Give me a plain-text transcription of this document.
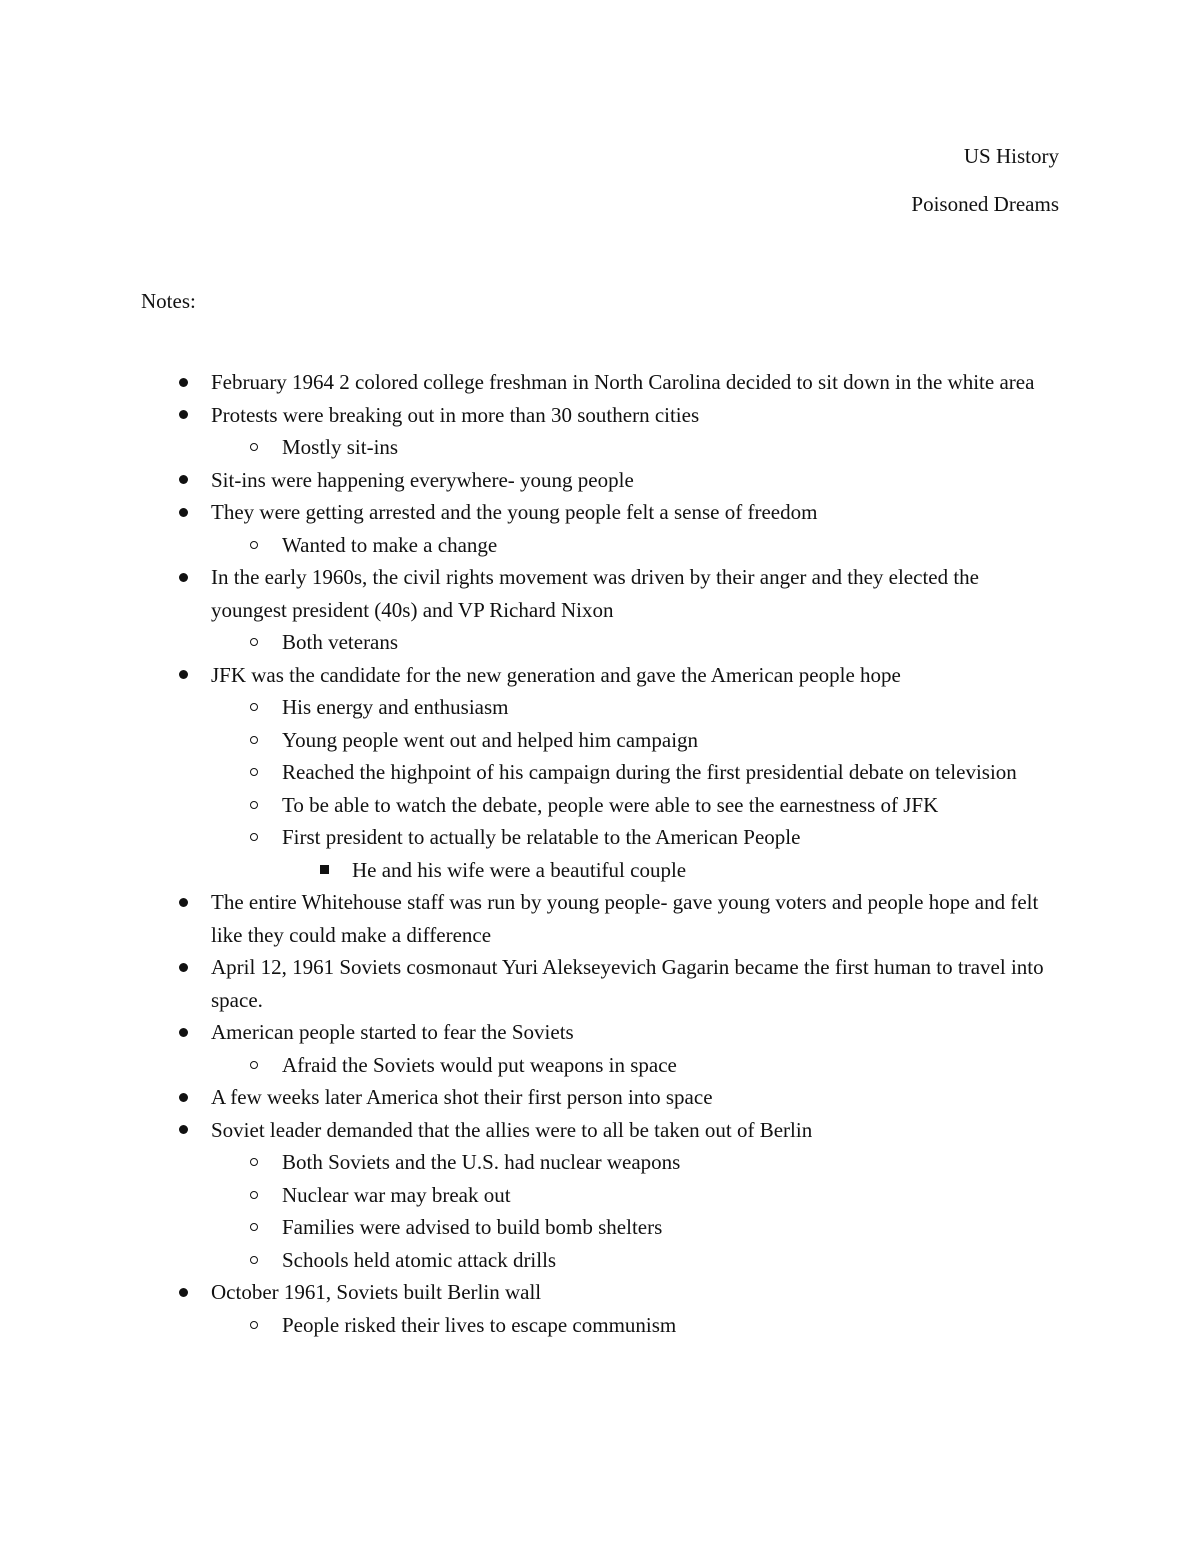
US History
Poisoned Dreams
Notes:
February 1964 2 colored college freshman in North Carolina decided to sit down in the white area
Protests were breaking out in more than 30 southern cities
Mostly sit-ins
Sit-ins were happening everywhere- young people
They were getting arrested and the young people felt a sense of freedom
Wanted to make a change
In the early 1960s, the civil rights movement was driven by their anger and they elected the youngest president (40s) and VP Richard Nixon
Both veterans
JFK was the candidate for the new generation and gave the American people hope
His energy and enthusiasm
Young people went out and helped him campaign
Reached the highpoint of his campaign during the first presidential debate on television
To be able to watch the debate, people were able to see the earnestness of JFK
First president to actually be relatable to the American People
He and his wife were a beautiful couple
The entire Whitehouse staff was run by young people- gave young voters and people hope and felt like they could make a difference
April 12, 1961 Soviets cosmonaut Yuri Alekseyevich Gagarin became the first human to travel into space.
American people started to fear the Soviets
Afraid the Soviets would put weapons in space
A few weeks later America shot their first person into space
Soviet leader demanded that the allies were to all be taken out of Berlin
Both Soviets and the U.S. had nuclear weapons
Nuclear war may break out
Families were advised to build bomb shelters
Schools held atomic attack drills
October 1961, Soviets built Berlin wall
People risked their lives to escape communism
